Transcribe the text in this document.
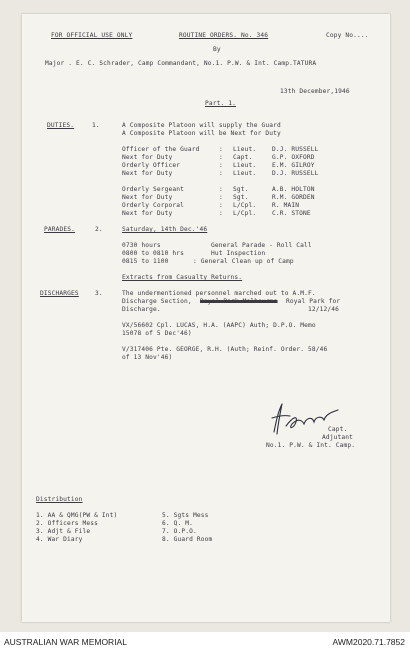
FOR OFFICIAL USE ONLY	ROUTINE ORDERS. No. 346	Copy No....
By
Major . E. C. Schrader, Camp Commandant, No.1. P.W. & Int. Camp.TATURA
13th December,1946
Part. 1.
DUTIES.	1.	A Composite Platoon will supply the Guard
A Composite Platoon will be Next for Duty
Officer of the Guard	: Lieut.	D.J. RUSSELL
Next for Duty	: Capt.	G.P. OXFORD
Orderly Officer	: Lieut.	E.M. GILROY
Next for Duty	: Lieut.	D.J. RUSSELL
Orderly Sergeant	: Sgt.	A.B. HOLTON
Next for Duty	: Sgt.	R.M. GORDEN
Orderly Corporal	: L/Cpl.	R. MAIN
Next for Duty	: L/Cpl.	C.R. STONE
PARADES.	2.	Saturday, 14th Dec.'46
0730 hours	General Parade - Roll Call
0800 to 0810 hrs	Hut Inspection
0815 to 1100	: General Clean up of Camp
Extracts from Casualty Returns.
DISCHARGES	3.	The undermentioned personnel marched out to A.M.F.
Discharge Section, Rayal Park Melbourne Royal Park for
Discharge.	12/12/46
VX/56602 Cpl. LUCAS, H.A. (AAPC) Auth; D.P.O. Memo
15078 of 5 Dec'46)
V/317406 Pte. GEORGE, R.H. (Auth; Reinf. Order. 58/46
of 13 Nov'46)
Capt.
Adjutant
No.1. P.W. & Int. Camp.
Distribution
1. AA & QMG(PW & Int)
2. Officers Mess
3. Adjt & File
4. War Diary
5. Sgts Mess
6. Q. M.
7. O.P.O.
8. Guard Room
AUSTRALIAN WAR MEMORIAL	AWM2020.71.7852
